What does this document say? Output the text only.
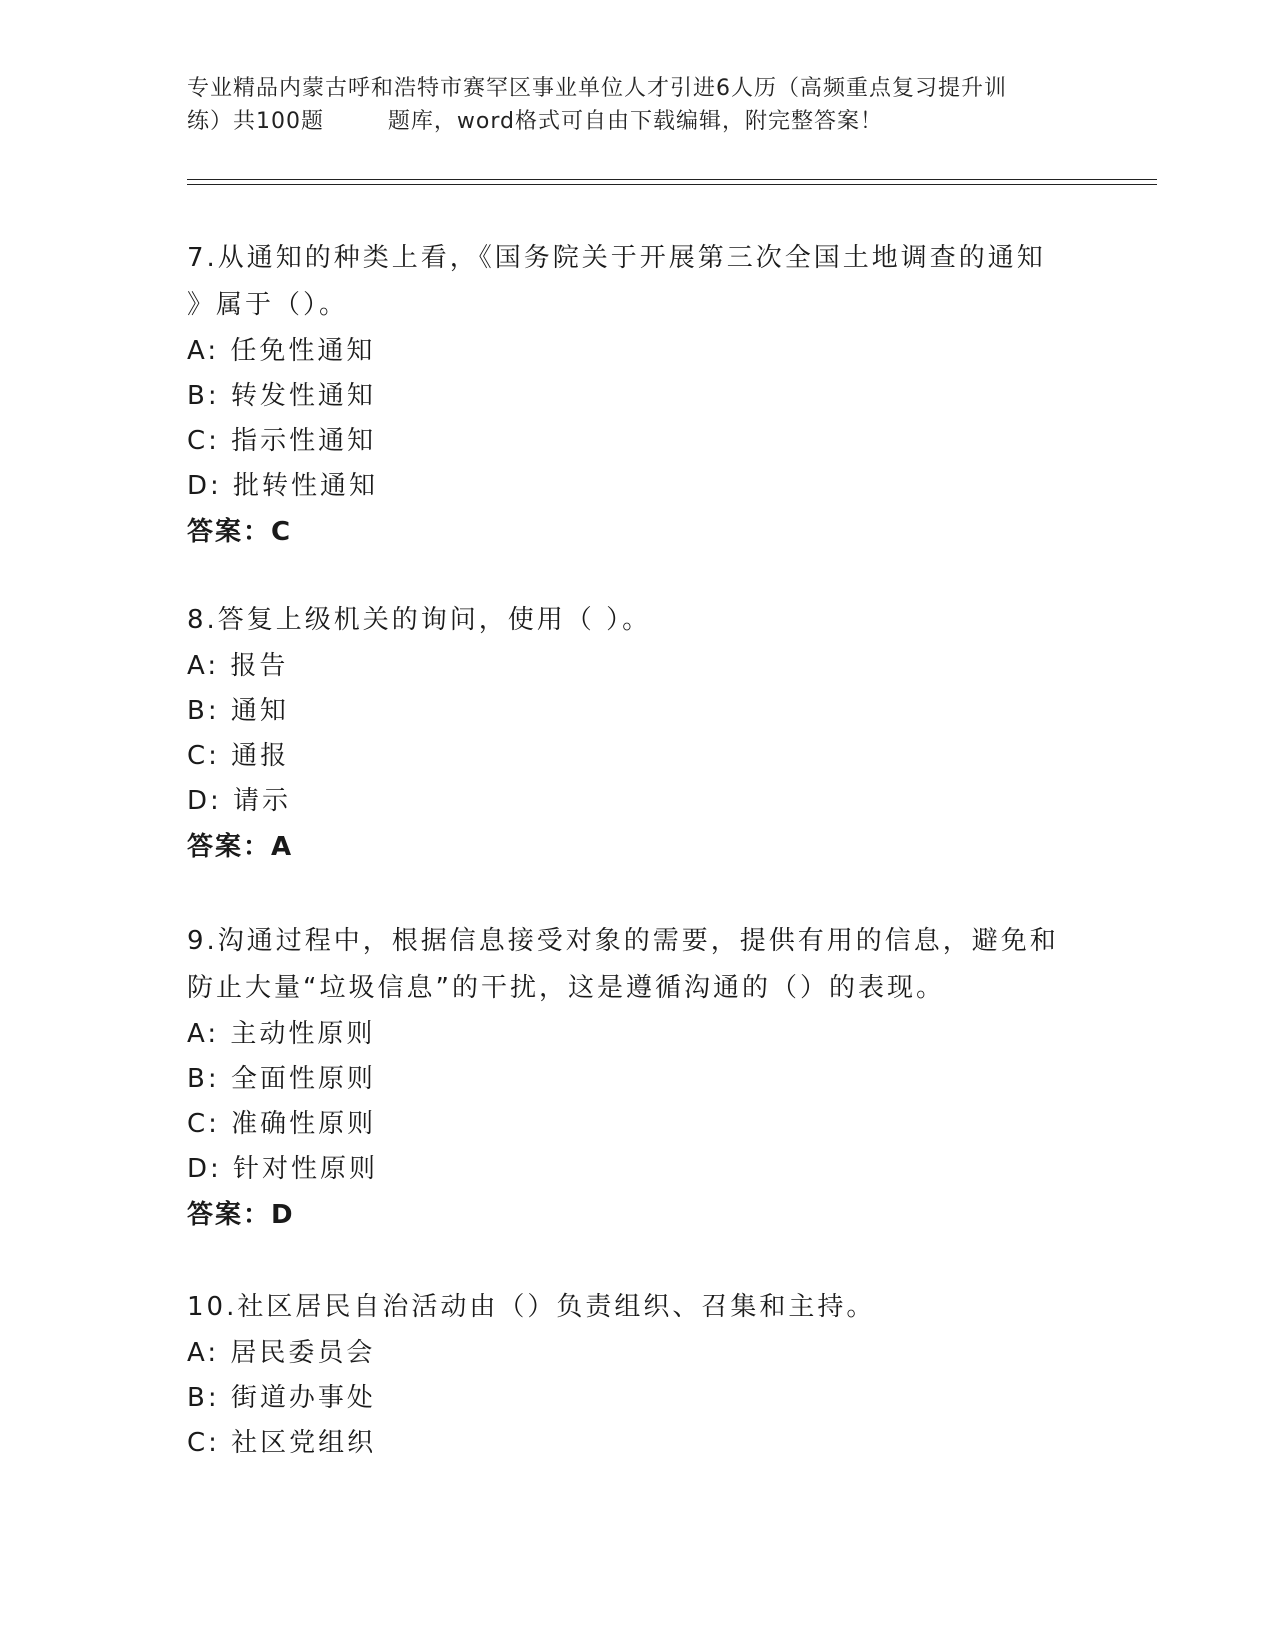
专业精品内蒙古呼和浩特市赛罕区事业单位人才引进6人历（高频重点复习提升训
练）共100题        题库，word格式可自由下载编辑，附完整答案！
7.从通知的种类上看，《国务院关于开展第三次全国土地调查的通知
》属于（）。
A: 任免性通知
B: 转发性通知
C: 指示性通知
D: 批转性通知
答案：C
8.答复上级机关的询问，使用（ ）。
A: 报告
B: 通知
C: 通报
D: 请示
答案：A
9.沟通过程中，根据信息接受对象的需要，提供有用的信息，避免和
防止大量“垃圾信息”的干扰，这是遵循沟通的（）的表现。
A: 主动性原则
B: 全面性原则
C: 准确性原则
D: 针对性原则
答案：D
10.社区居民自治活动由（）负责组织、召集和主持。
A: 居民委员会
B: 街道办事处
C: 社区党组织
